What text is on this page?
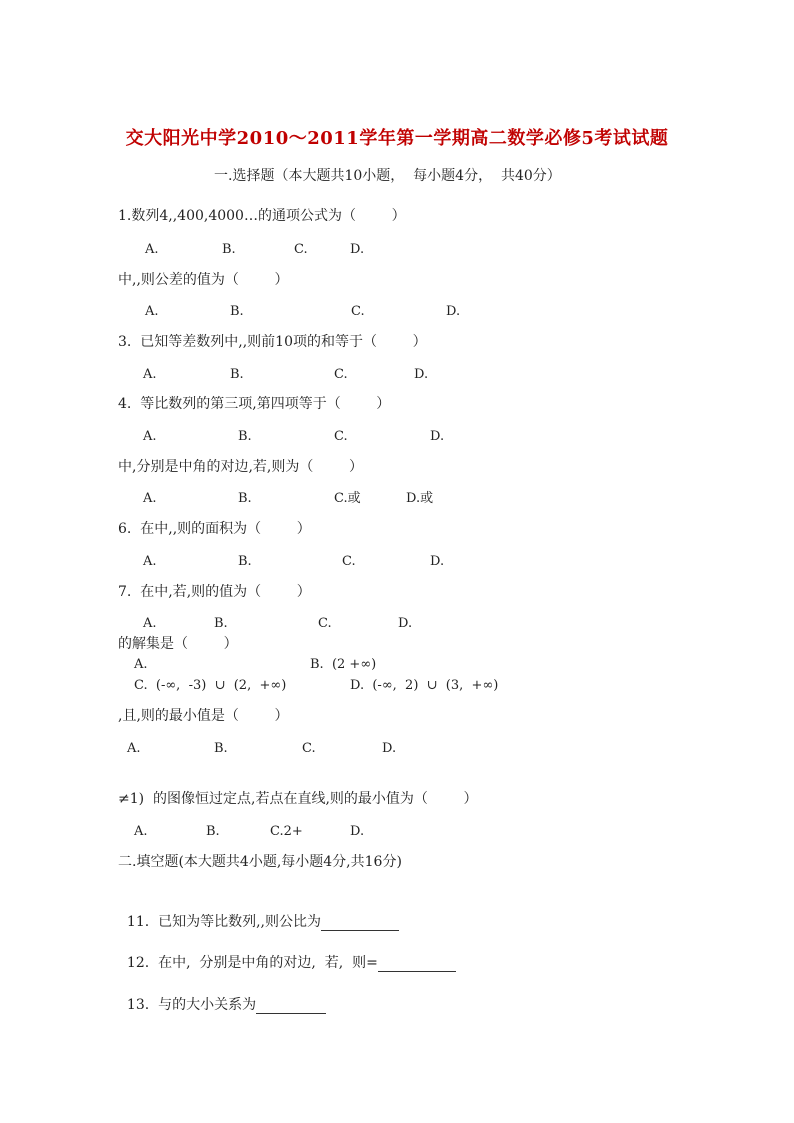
交大阳光中学2010～2011学年第一学期高二数学必修5考试试题
一.选择题（本大题共10小题，  每小题4分，  共40分）
1.数列4,,400,4000…的通项公式为（        ）
A.	B.	C.	D.
中,,则公差的值为（        ）
A.	B.	C.	D.
3.  已知等差数列中,,则前10项的和等于（        ）
A.	B.	C.	D.
4.  等比数列的第三项,第四项等于（        ）
A.	B.	C.	D.
中,分别是中角的对边,若,则为（        ）
A.	B.	C.或	D.或
6.  在中,,则的面积为（        ）
A.	B.	C.	D.
7.  在中,若,则的值为（        ）
A.	B.	C.	D.
的解集是（        ）
A.	B.  (2 +∞)
C.  (-∞,  -3)  ∪  (2,  +∞)	D.  (-∞,  2)  ∪  (3,  +∞)
,且,则的最小值是（        ）
A.	B.	C.	D.
≠1)  的图像恒过定点,若点在直线,则的最小值为（        ）
A.	B.	C.2+	D.
二.填空题(本大题共4小题,每小题4分,共16分)

11.  已知为等比数列,,则公比为

12.  在中,  分别是中角的对边,  若,  则=

13.  与的大小关系为
